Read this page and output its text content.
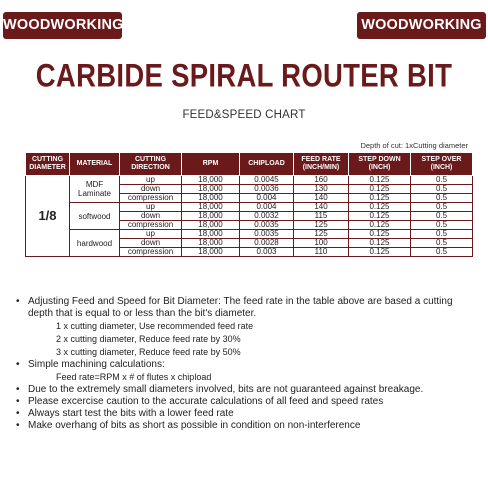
WOODWORKING	WOODWORKING
CARBIDE SPIRAL ROUTER BIT
FEED&SPEED CHART
Depth of cut: 1xCutting diameter
CUTTING DIAMETER	MATERIAL	CUTTING DIRECTION	RPM	CHIPLOAD	FEED RATE (INCH/MIN)	STEP DOWN (INCH)	STEP OVER (INCH)
1/8	MDF Laminate	up	18,000	0.0045	160	0.125	0.5
		down	18,000	0.0036	130	0.125	0.5
		compression	18,000	0.004	140	0.125	0.5
	softwood	up	18,000	0.004	140	0.125	0.5
		down	18,000	0.0032	115	0.125	0.5
		compression	18,000	0.0035	125	0.125	0.5
	hardwood	up	18,000	0.0035	125	0.125	0.5
		down	18,000	0.0028	100	0.125	0.5
		compression	18,000	0.003	110	0.125	0.5
• Adjusting Feed and Speed for Bit Diameter: The feed rate in the table above are based a cutting depth that is equal to or less than the bit's diameter.
1 x cutting diameter, Use recommended feed rate
2 x cutting diameter, Reduce feed rate by 30%
3 x cutting diameter, Reduce feed rate by 50%
• Simple machining calculations:
Feed rate=RPM x # of flutes x chipload
• Due to the extremely small diameters involved, bits are not guaranteed against breakage.
• Please excercise caution to the accurate calculations of all feed and speed rates
• Always start test the bits with a lower feed rate
• Make overhang of bits as short as possible in condition on non-interference
